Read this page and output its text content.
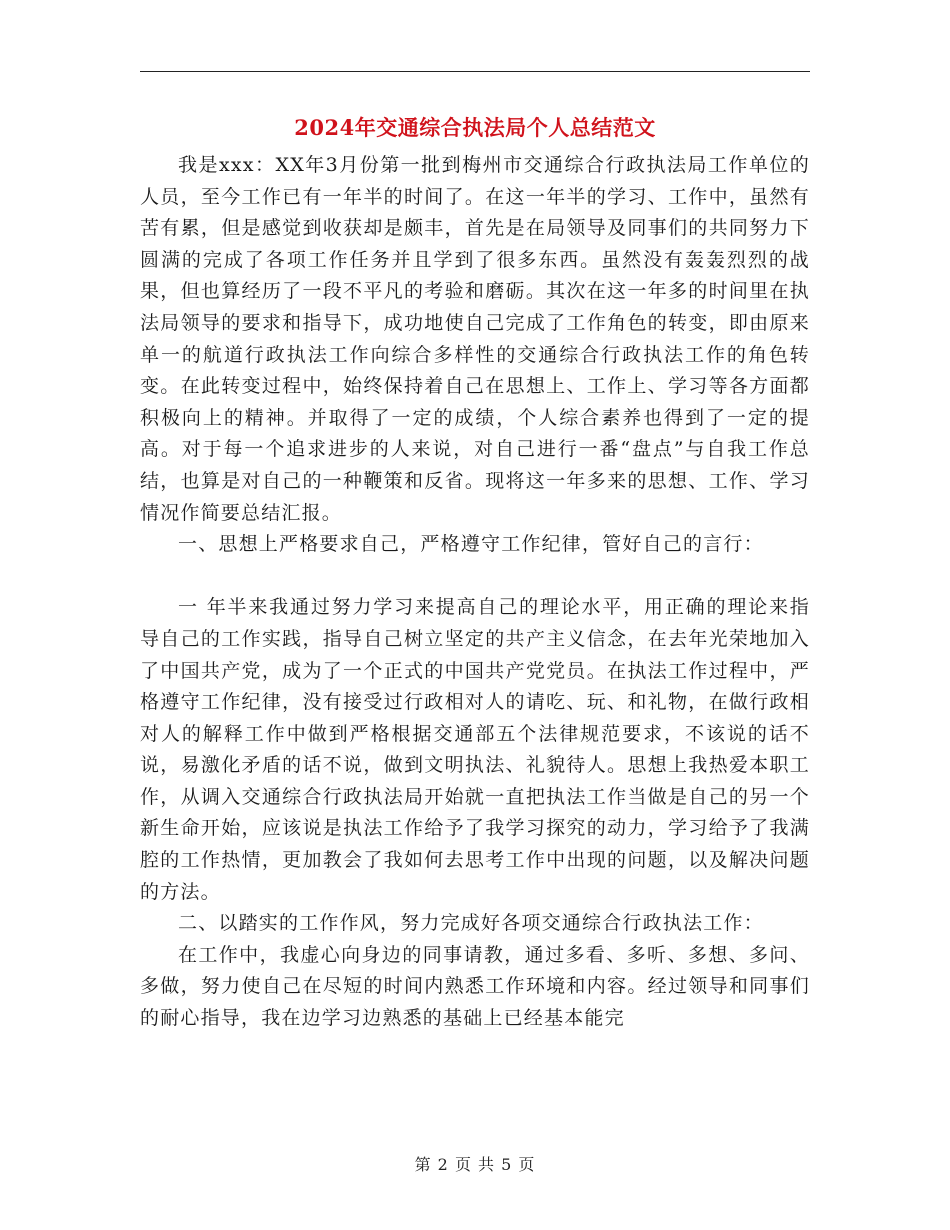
2024年交通综合执法局个人总结范文

我是xxx：XX年3月份第一批到梅州市交通综合行政执法局工作单位的人员，至今工作已有一年半的时间了。在这一年半的学习、工作中，虽然有苦有累，但是感觉到收获却是颇丰，首先是在局领导及同事们的共同努力下圆满的完成了各项工作任务并且学到了很多东西。虽然没有轰轰烈烈的战果，但也算经历了一段不平凡的考验和磨砺。其次在这一年多的时间里在执法局领导的要求和指导下，成功地使自己完成了工作角色的转变，即由原来单一的航道行政执法工作向综合多样性的交通综合行政执法工作的角色转变。在此转变过程中，始终保持着自己在思想上、工作上、学习等各方面都积极向上的精神。并取得了一定的成绩，个人综合素养也得到了一定的提高。对于每一个追求进步的人来说，对自己进行一番“盘点”与自我工作总结，也算是对自己的一种鞭策和反省。现将这一年多来的思想、工作、学习情况作简要总结汇报。

一、思想上严格要求自己，严格遵守工作纪律，管好自己的言行：

一 年半来我通过努力学习来提高自己的理论水平，用正确的理论来指导自己的工作实践，指导自己树立坚定的共产主义信念，在去年光荣地加入了中国共产党，成为了一个正式的中国共产党党员。在执法工作过程中，严格遵守工作纪律，没有接受过行政相对人的请吃、玩、和礼物，在做行政相对人的解释工作中做到严格根据交通部五个法律规范要求，不该说的话不说，易激化矛盾的话不说，做到文明执法、礼貌待人。思想上我热爱本职工作，从调入交通综合行政执法局开始就一直把执法工作当做是自己的另一个新生命开始，应该说是执法工作给予了我学习探究的动力，学习给予了我满腔的工作热情，更加教会了我如何去思考工作中出现的问题，以及解决问题的方法。

二、以踏实的工作作风，努力完成好各项交通综合行政执法工作：

在工作中，我虚心向身边的同事请教，通过多看、多听、多想、多问、多做，努力使自己在尽短的时间内熟悉工作环境和内容。经过领导和同事们的耐心指导，我在边学习边熟悉的基础上已经基本能完

第 2 页 共 5 页
